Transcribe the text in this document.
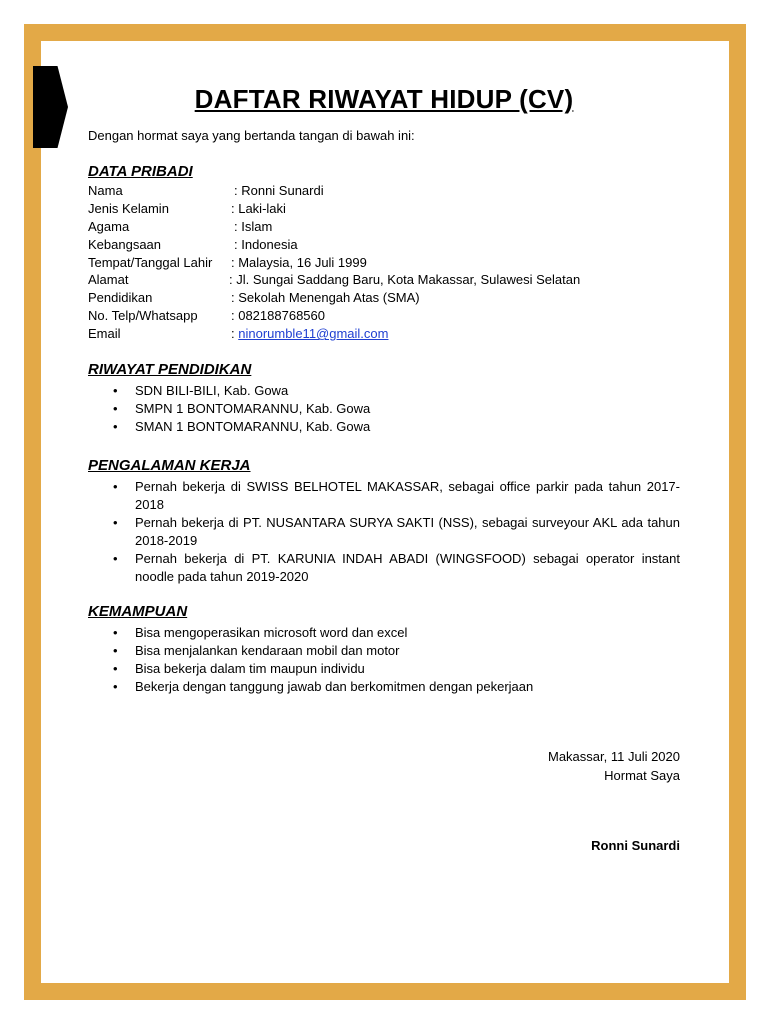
DAFTAR RIWAYAT HIDUP (CV)

Dengan hormat saya yang bertanda tangan di bawah ini:

DATA PRIBADI
Nama	: Ronni Sunardi
Jenis Kelamin	: Laki-laki
Agama	: Islam
Kebangsaan	: Indonesia
Tempat/Tanggal Lahir	: Malaysia, 16 Juli 1999
Alamat	: Jl. Sungai Saddang Baru, Kota Makassar, Sulawesi Selatan
Pendidikan	: Sekolah Menengah Atas (SMA)
No. Telp/Whatsapp	: 082188768560
Email	: ninorumble11@gmail.com
RIWAYAT PENDIDIKAN
• SDN BILI-BILI, Kab. Gowa
• SMPN 1 BONTOMARANNU, Kab. Gowa
• SMAN 1 BONTOMARANNU, Kab. Gowa
PENGALAMAN KERJA
• Pernah bekerja di SWISS BELHOTEL MAKASSAR, sebagai office parkir pada tahun 2017-2018
• Pernah bekerja di PT. NUSANTARA SURYA SAKTI (NSS), sebagai surveyour AKL ada tahun 2018-2019
• Pernah bekerja di PT. KARUNIA INDAH ABADI (WINGSFOOD) sebagai operator instant noodle pada tahun 2019-2020
KEMAMPUAN
• Bisa mengoperasikan microsoft word dan excel
• Bisa menjalankan kendaraan mobil dan motor
• Bisa bekerja dalam tim maupun individu
• Bekerja dengan tanggung jawab dan berkomitmen dengan pekerjaan

Makassar, 11 Juli 2020

Hormat Saya

Ronni Sunardi
